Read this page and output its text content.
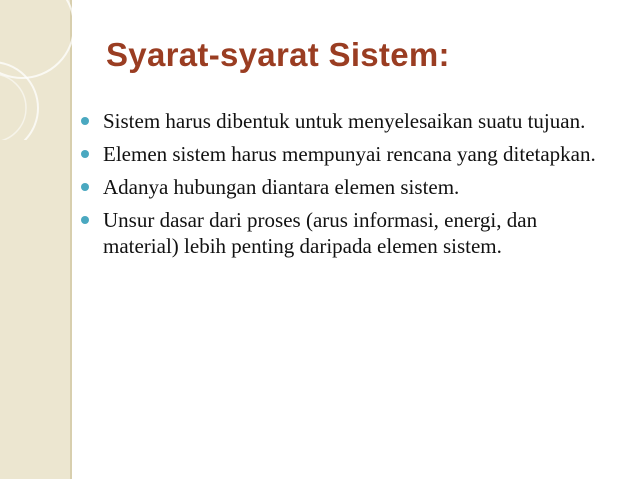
Syarat-syarat Sistem:
Sistem harus dibentuk untuk menyelesaikan suatu tujuan.
Elemen sistem harus mempunyai rencana yang ditetapkan.
Adanya hubungan diantara elemen sistem.
Unsur dasar dari proses (arus informasi, energi, dan material) lebih penting daripada elemen sistem.
